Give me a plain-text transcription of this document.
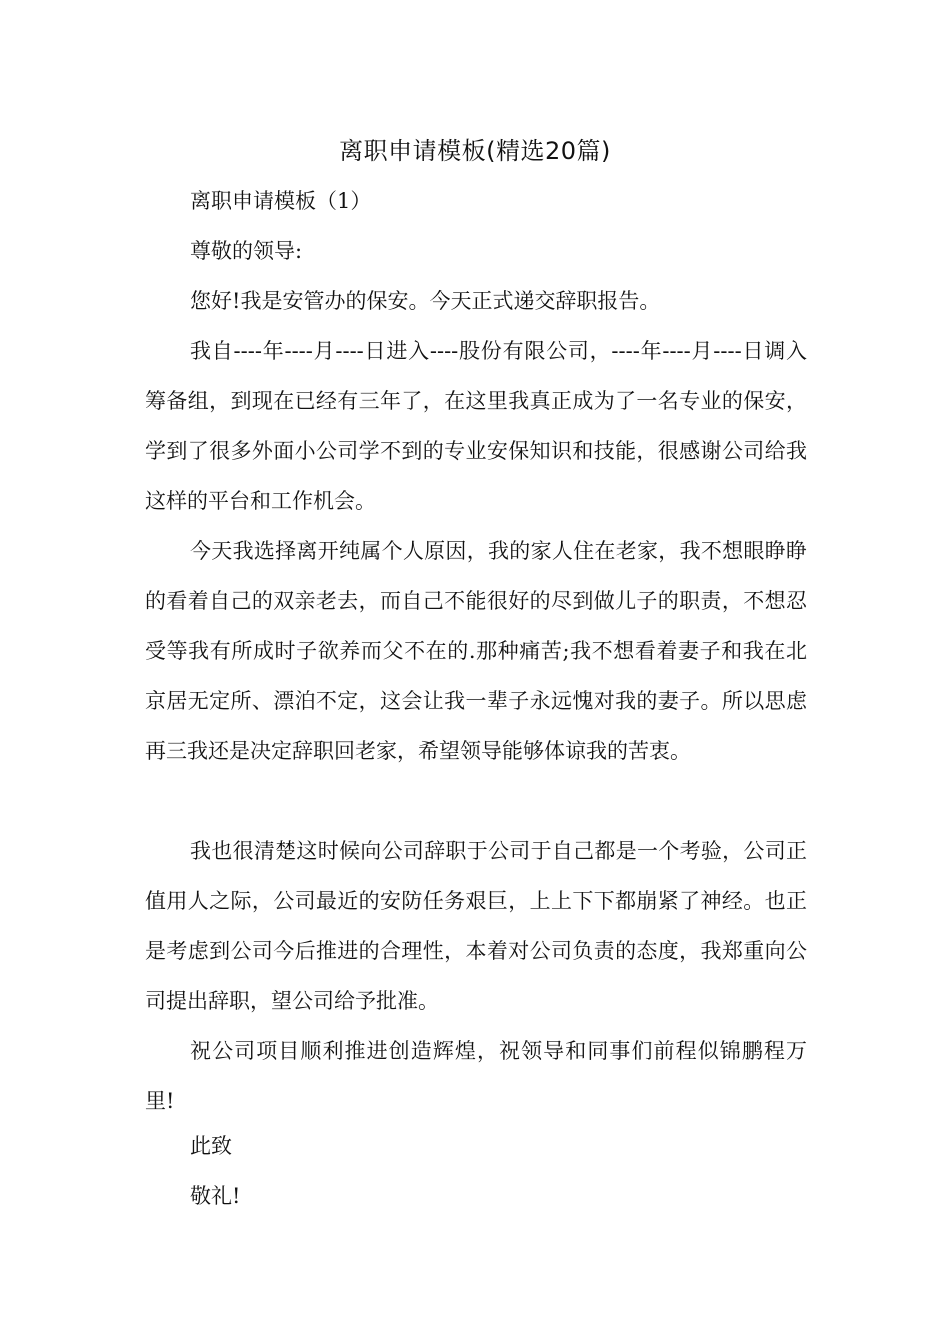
离职申请模板(精选20篇)

离职申请模板（1）

尊敬的领导:

您好!我是安管办的保安。今天正式递交辞职报告。

我自----年----月----日进入----股份有限公司，----年----月----日调入筹备组，到现在已经有三年了，在这里我真正成为了一名专业的保安，学到了很多外面小公司学不到的专业安保知识和技能，很感谢公司给我这样的平台和工作机会。

今天我选择离开纯属个人原因，我的家人住在老家，我不想眼睁睁的看着自己的双亲老去，而自己不能很好的尽到做儿子的职责，不想忍受等我有所成时子欲养而父不在的.那种痛苦;我不想看着妻子和我在北京居无定所、漂泊不定，这会让我一辈子永远愧对我的妻子。所以思虑再三我还是决定辞职回老家，希望领导能够体谅我的苦衷。

我也很清楚这时候向公司辞职于公司于自己都是一个考验，公司正值用人之际，公司最近的安防任务艰巨，上上下下都崩紧了神经。也正是考虑到公司今后推进的合理性，本着对公司负责的态度，我郑重向公司提出辞职，望公司给予批准。

祝公司项目顺利推进创造辉煌，祝领导和同事们前程似锦鹏程万里!

此致

敬礼!
